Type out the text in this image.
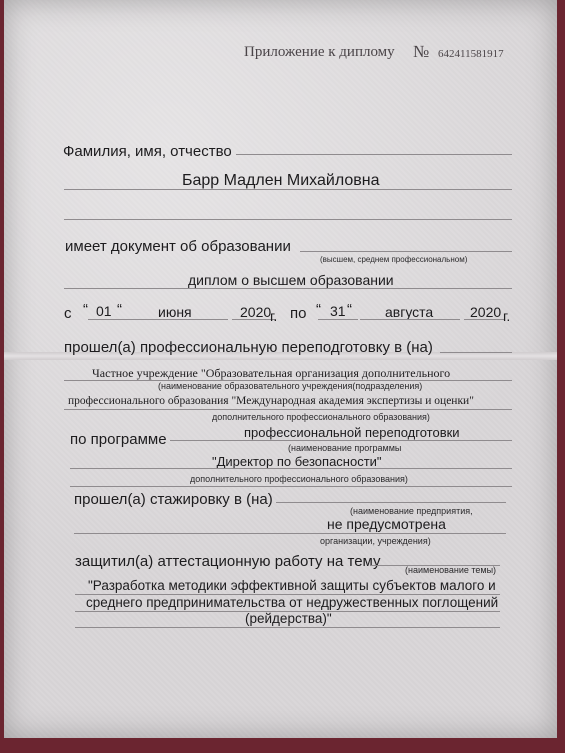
Приложение к диплому № 642411581917
Фамилия, имя, отчество
Барр Мадлен Михайловна
имеет документ об образовании
(высшем, среднем профессиональном)
диплом о высшем образовании
с “ 01 “	июня	2020
г. по “ 31 “ августа	2020 г.
прошел(а) профессиональную переподготовку в (на)
Частное учреждение "Образовательная организация дополнительного
(наименование образовательного учреждения(подразделения)
профессионального образования "Международная академия экспертизы и оценки"
дополнительного профессионального образования)
по программе	профессиональной переподготовки
(наименование программы
"Директор по безопасности"
дополнительного профессионального образования)
прошел(а) стажировку в (на)
(наименование предприятия,
не предусмотрена
организации, учреждения)
защитил(а) аттестационную работу на тему	(наименование темы)
"Разработка методики эффективной защиты субъектов малого и
среднего предпринимательства от недружественных поглощений
(рейдерства)"
